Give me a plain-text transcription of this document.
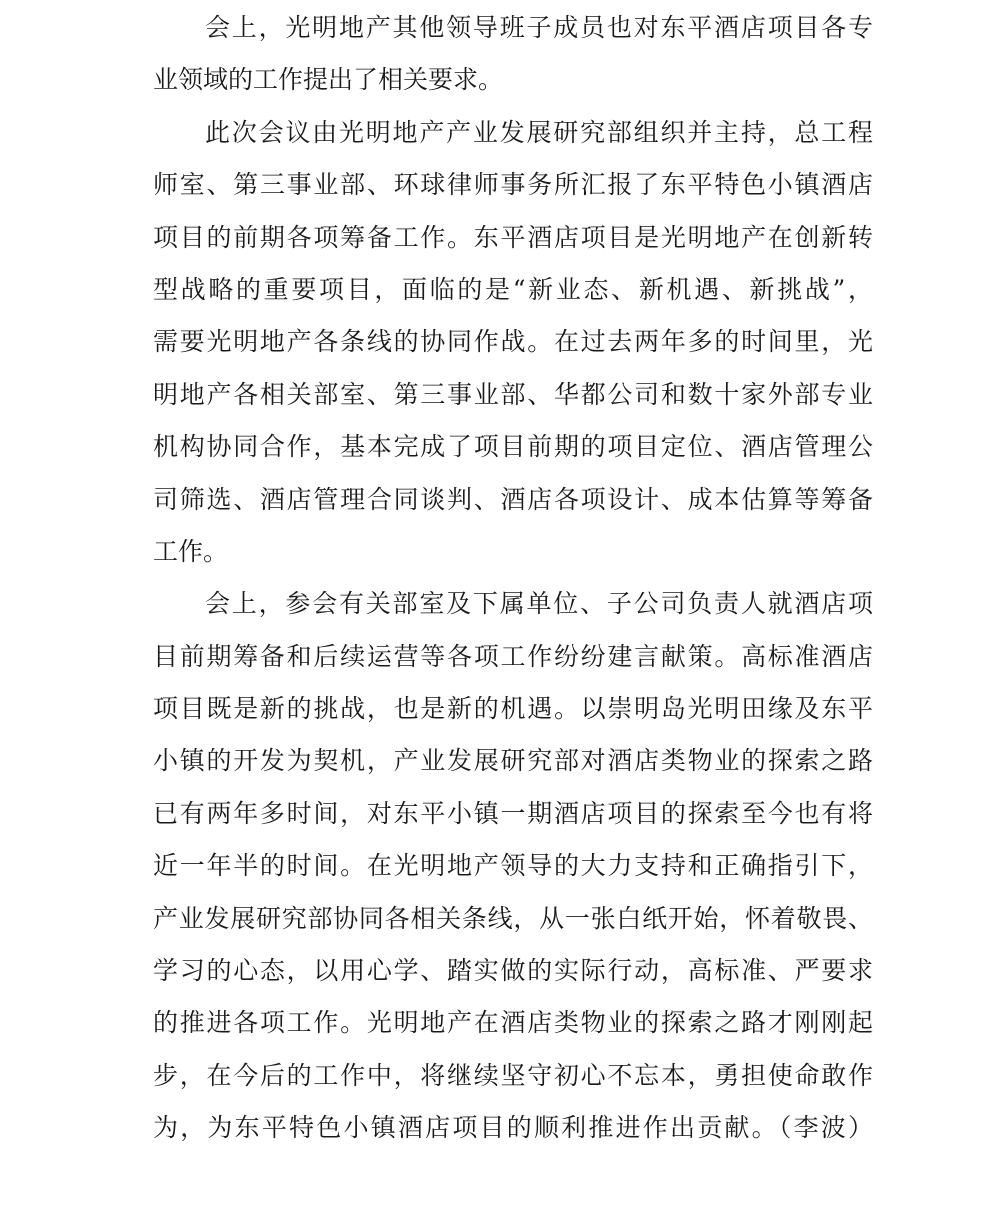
会上，光明地产其他领导班子成员也对东平酒店项目各专
业领域的工作提出了相关要求。
此次会议由光明地产产业发展研究部组织并主持，总工程
师室、第三事业部、环球律师事务所汇报了东平特色小镇酒店
项目的前期各项筹备工作。东平酒店项目是光明地产在创新转
型战略的重要项目，面临的是“新业态、新机遇、新挑战”，
需要光明地产各条线的协同作战。在过去两年多的时间里，光
明地产各相关部室、第三事业部、华都公司和数十家外部专业
机构协同合作，基本完成了项目前期的项目定位、酒店管理公
司筛选、酒店管理合同谈判、酒店各项设计、成本估算等筹备
工作。
会上，参会有关部室及下属单位、子公司负责人就酒店项
目前期筹备和后续运营等各项工作纷纷建言献策。高标准酒店
项目既是新的挑战，也是新的机遇。以崇明岛光明田缘及东平
小镇的开发为契机，产业发展研究部对酒店类物业的探索之路
已有两年多时间，对东平小镇一期酒店项目的探索至今也有将
近一年半的时间。在光明地产领导的大力支持和正确指引下，
产业发展研究部协同各相关条线，从一张白纸开始，怀着敬畏、
学习的心态，以用心学、踏实做的实际行动，高标准、严要求
的推进各项工作。光明地产在酒店类物业的探索之路才刚刚起
步，在今后的工作中，将继续坚守初心不忘本，勇担使命敢作
为，为东平特色小镇酒店项目的顺利推进作出贡献。（李波）
